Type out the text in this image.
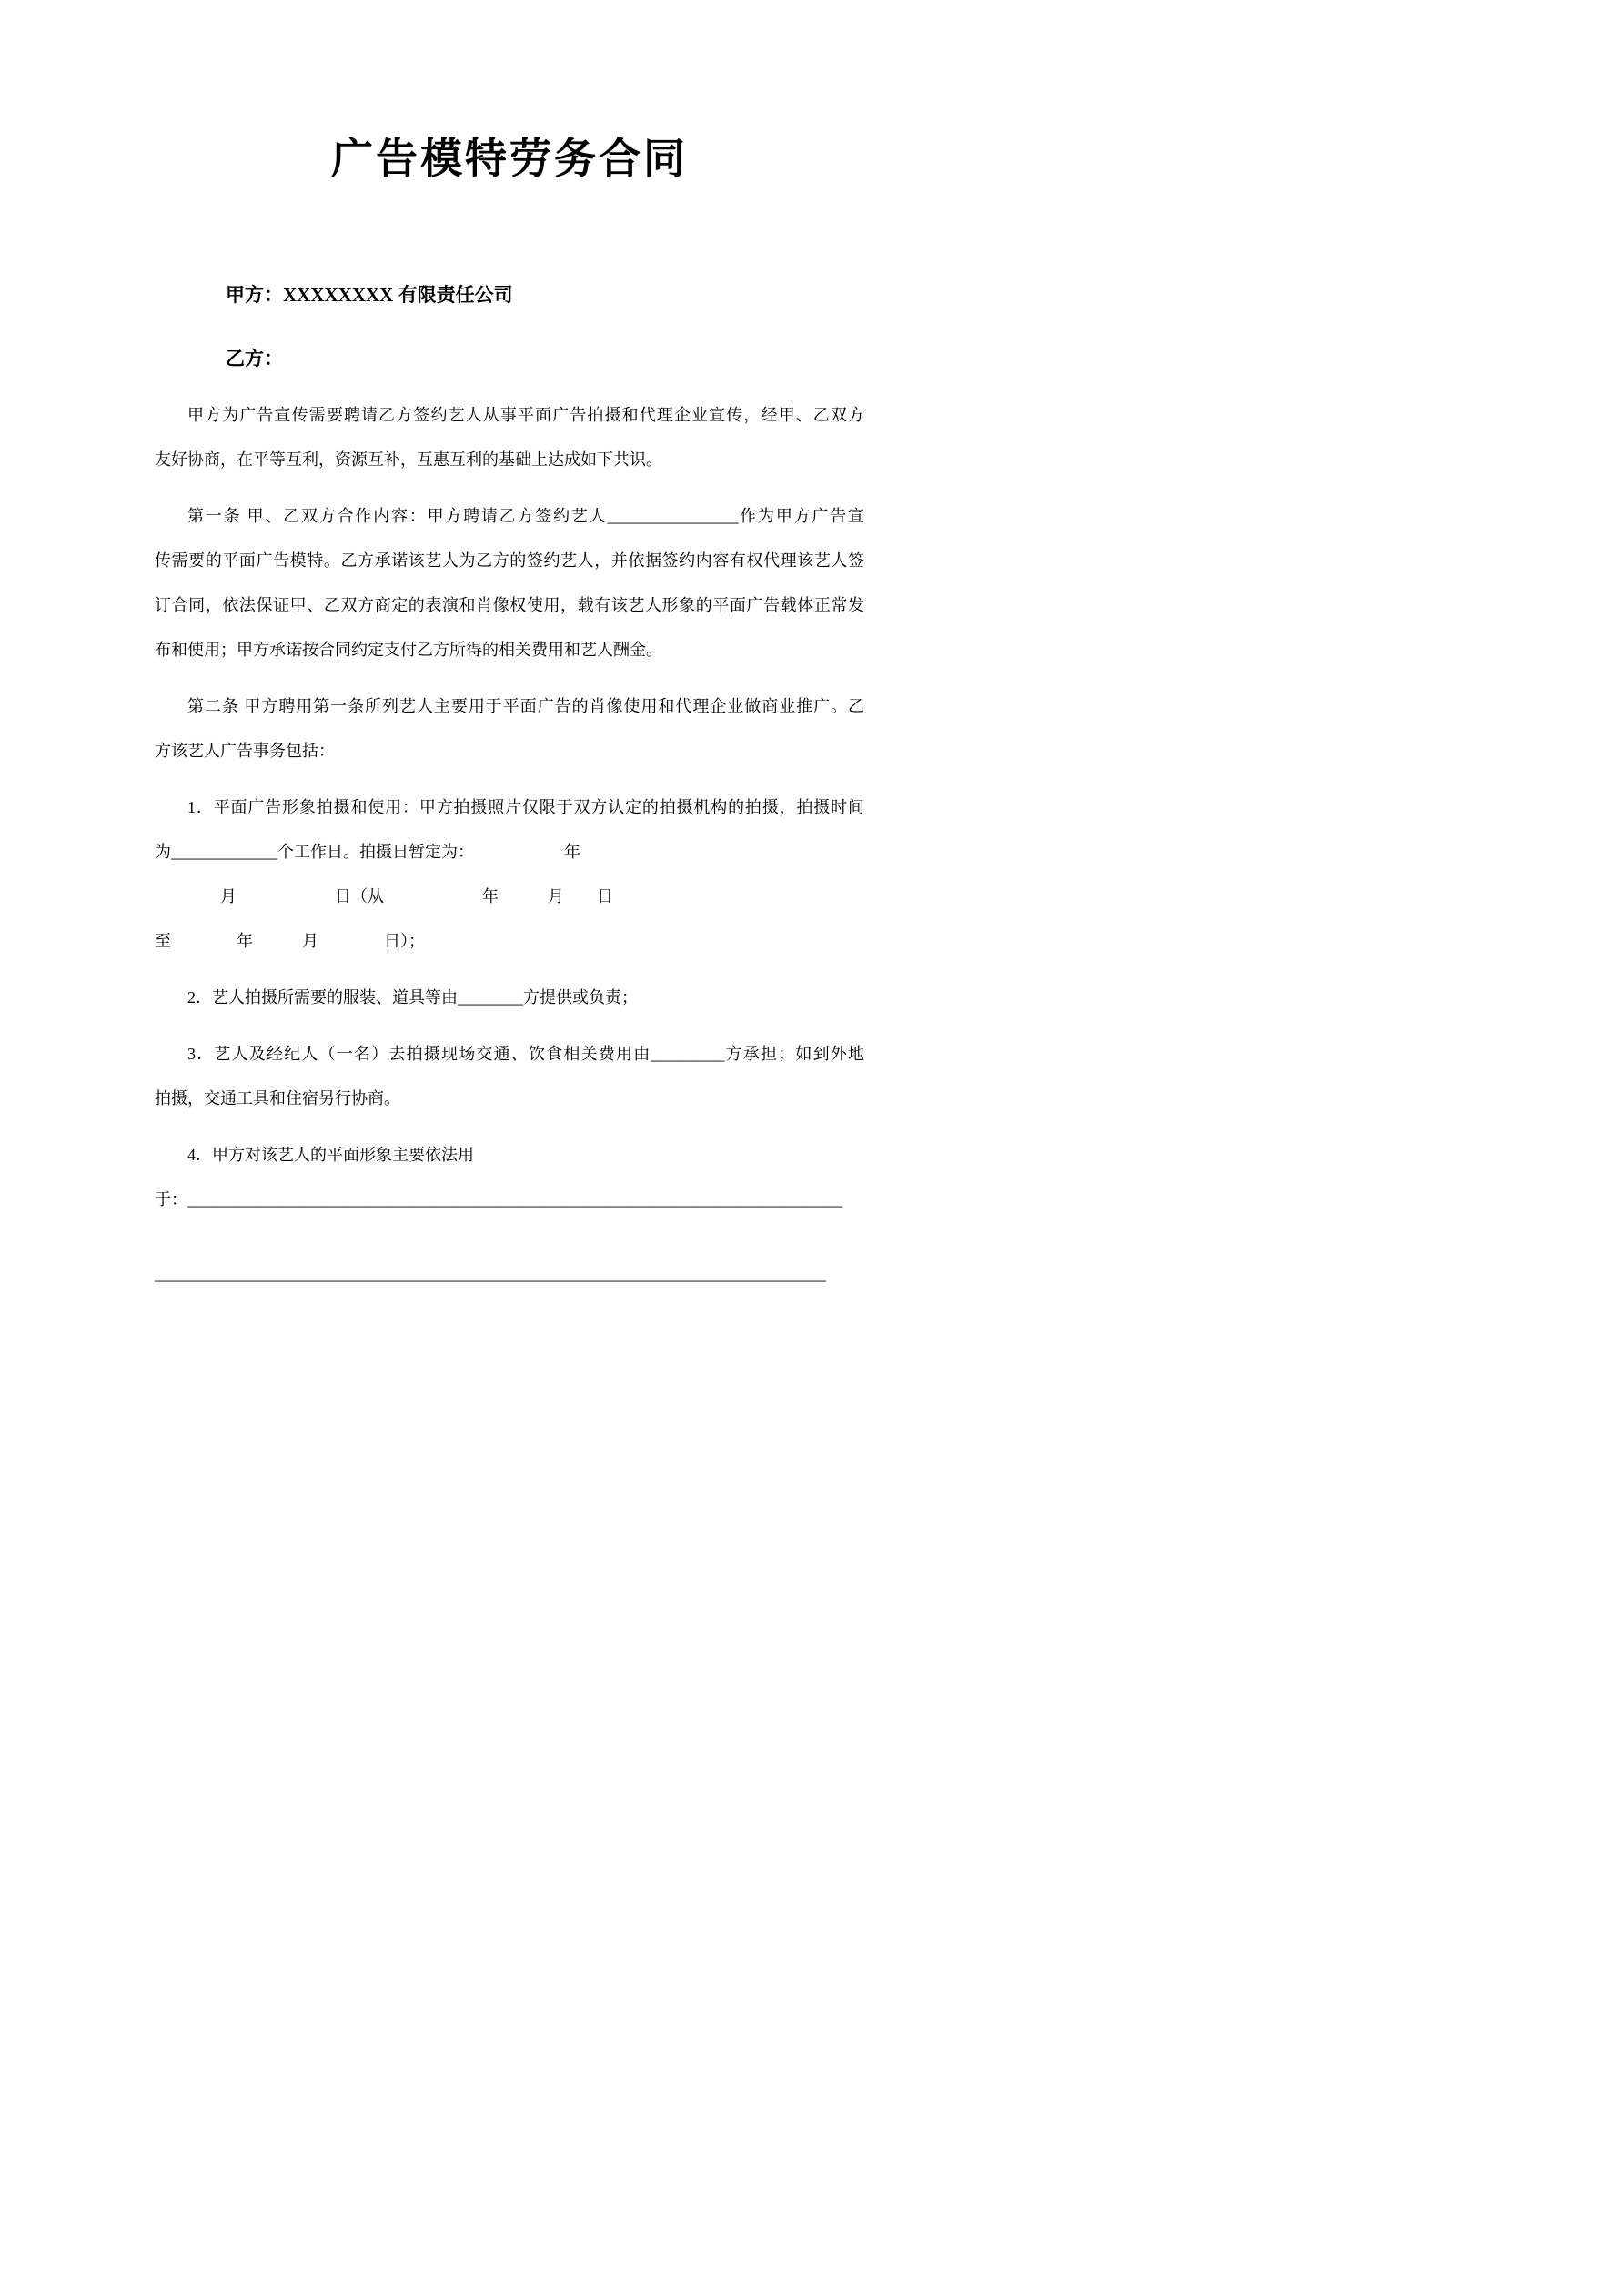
广告模特劳务合同
甲方：XXXXXXXX 有限责任公司
乙方：
甲方为广告宣传需要聘请乙方签约艺人从事平面广告拍摄和代理企业宣传，经甲、乙双方
友好协商，在平等互利，资源互补，互惠互利的基础上达成如下共识。
第一条 甲、乙双方合作内容：甲方聘请乙方签约艺人________________作为甲方广告宣
传需要的平面广告模特。乙方承诺该艺人为乙方的签约艺人，并依据签约内容有权代理该艺人签
订合同，依法保证甲、乙双方商定的表演和肖像权使用，载有该艺人形象的平面广告载体正常发
布和使用；甲方承诺按合同约定支付乙方所得的相关费用和艺人酬金。
第二条 甲方聘用第一条所列艺人主要用于平面广告的肖像使用和代理企业做商业推广。乙
方该艺人广告事务包括：
1．平面广告形象拍摄和使用：甲方拍摄照片仅限于双方认定的拍摄机构的拍摄，拍摄时间
为_____________个工作日。拍摄日暂定为：　　　　　　年
　　　　月　　　　　　日（从　　　　　　年　　　月　　日
至　　　　年　　　月　　　　日）；
2．艺人拍摄所需要的服装、道具等由________方提供或负责；
3．艺人及经纪人（一名）去拍摄现场交通、饮食相关费用由_________方承担；如到外地
拍摄，交通工具和住宿另行协商。
4．甲方对该艺人的平面形象主要依法用
于：________________________________________________________________________________
__________________________________________________________________________________
